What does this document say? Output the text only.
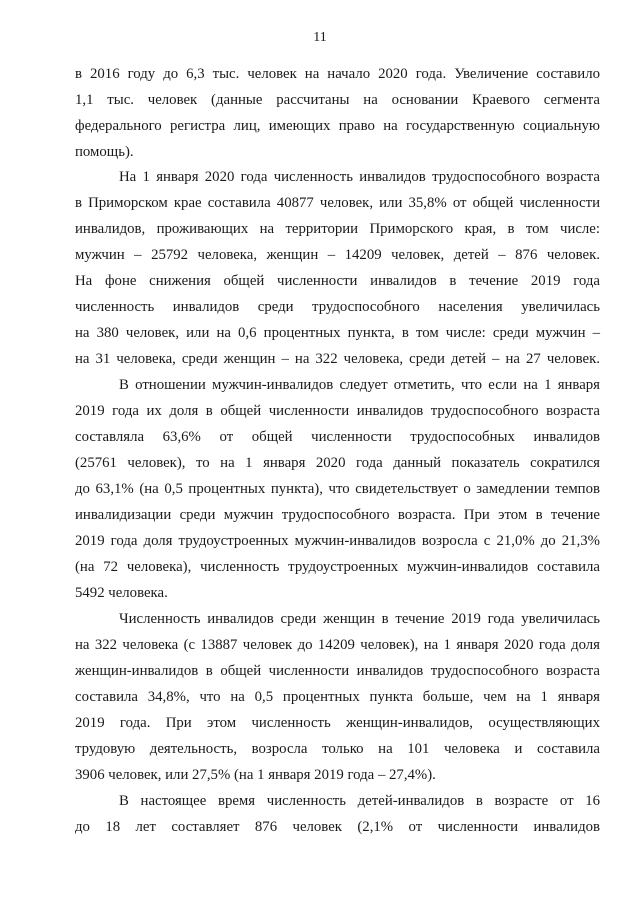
11
в 2016 году до 6,3 тыс. человек на начало 2020 года. Увеличение составило
1,1 тыс. человек (данные рассчитаны на основании Краевого сегмента
федерального регистра лиц, имеющих право на государственную социальную
помощь).
На 1 января 2020 года численность инвалидов трудоспособного возраста
в Приморском крае составила 40877 человек, или 35,8% от общей численности
инвалидов, проживающих на территории Приморского края, в том числе:
мужчин – 25792 человека, женщин – 14209 человек, детей – 876 человек.
На фоне снижения общей численности инвалидов в течение 2019 года
численность инвалидов среди трудоспособного населения увеличилась
на 380 человек, или на 0,6 процентных пункта, в том числе: среди мужчин –
на 31 человека, среди женщин – на 322 человека, среди детей – на 27 человек.
В отношении мужчин-инвалидов следует отметить, что если на 1 января
2019 года их доля в общей численности инвалидов трудоспособного возраста
составляла 63,6% от общей численности трудоспособных инвалидов
(25761 человек), то на 1 января 2020 года данный показатель сократился
до 63,1% (на 0,5 процентных пункта), что свидетельствует о замедлении темпов
инвалидизации среди мужчин трудоспособного возраста. При этом в течение
2019 года доля трудоустроенных мужчин-инвалидов возросла с 21,0% до 21,3%
(на 72 человека), численность трудоустроенных мужчин-инвалидов составила
5492 человека.
Численность инвалидов среди женщин в течение 2019 года увеличилась
на 322 человека (с 13887 человек до 14209 человек), на 1 января 2020 года доля
женщин-инвалидов в общей численности инвалидов трудоспособного возраста
составила 34,8%, что на 0,5 процентных пункта больше, чем на 1 января
2019 года. При этом численность женщин-инвалидов, осуществляющих
трудовую деятельность, возросла только на 101 человека и составила
3906 человек, или 27,5% (на 1 января 2019 года – 27,4%).
В настоящее время численность детей-инвалидов в возрасте от 16
до 18 лет составляет 876 человек (2,1% от численности инвалидов
